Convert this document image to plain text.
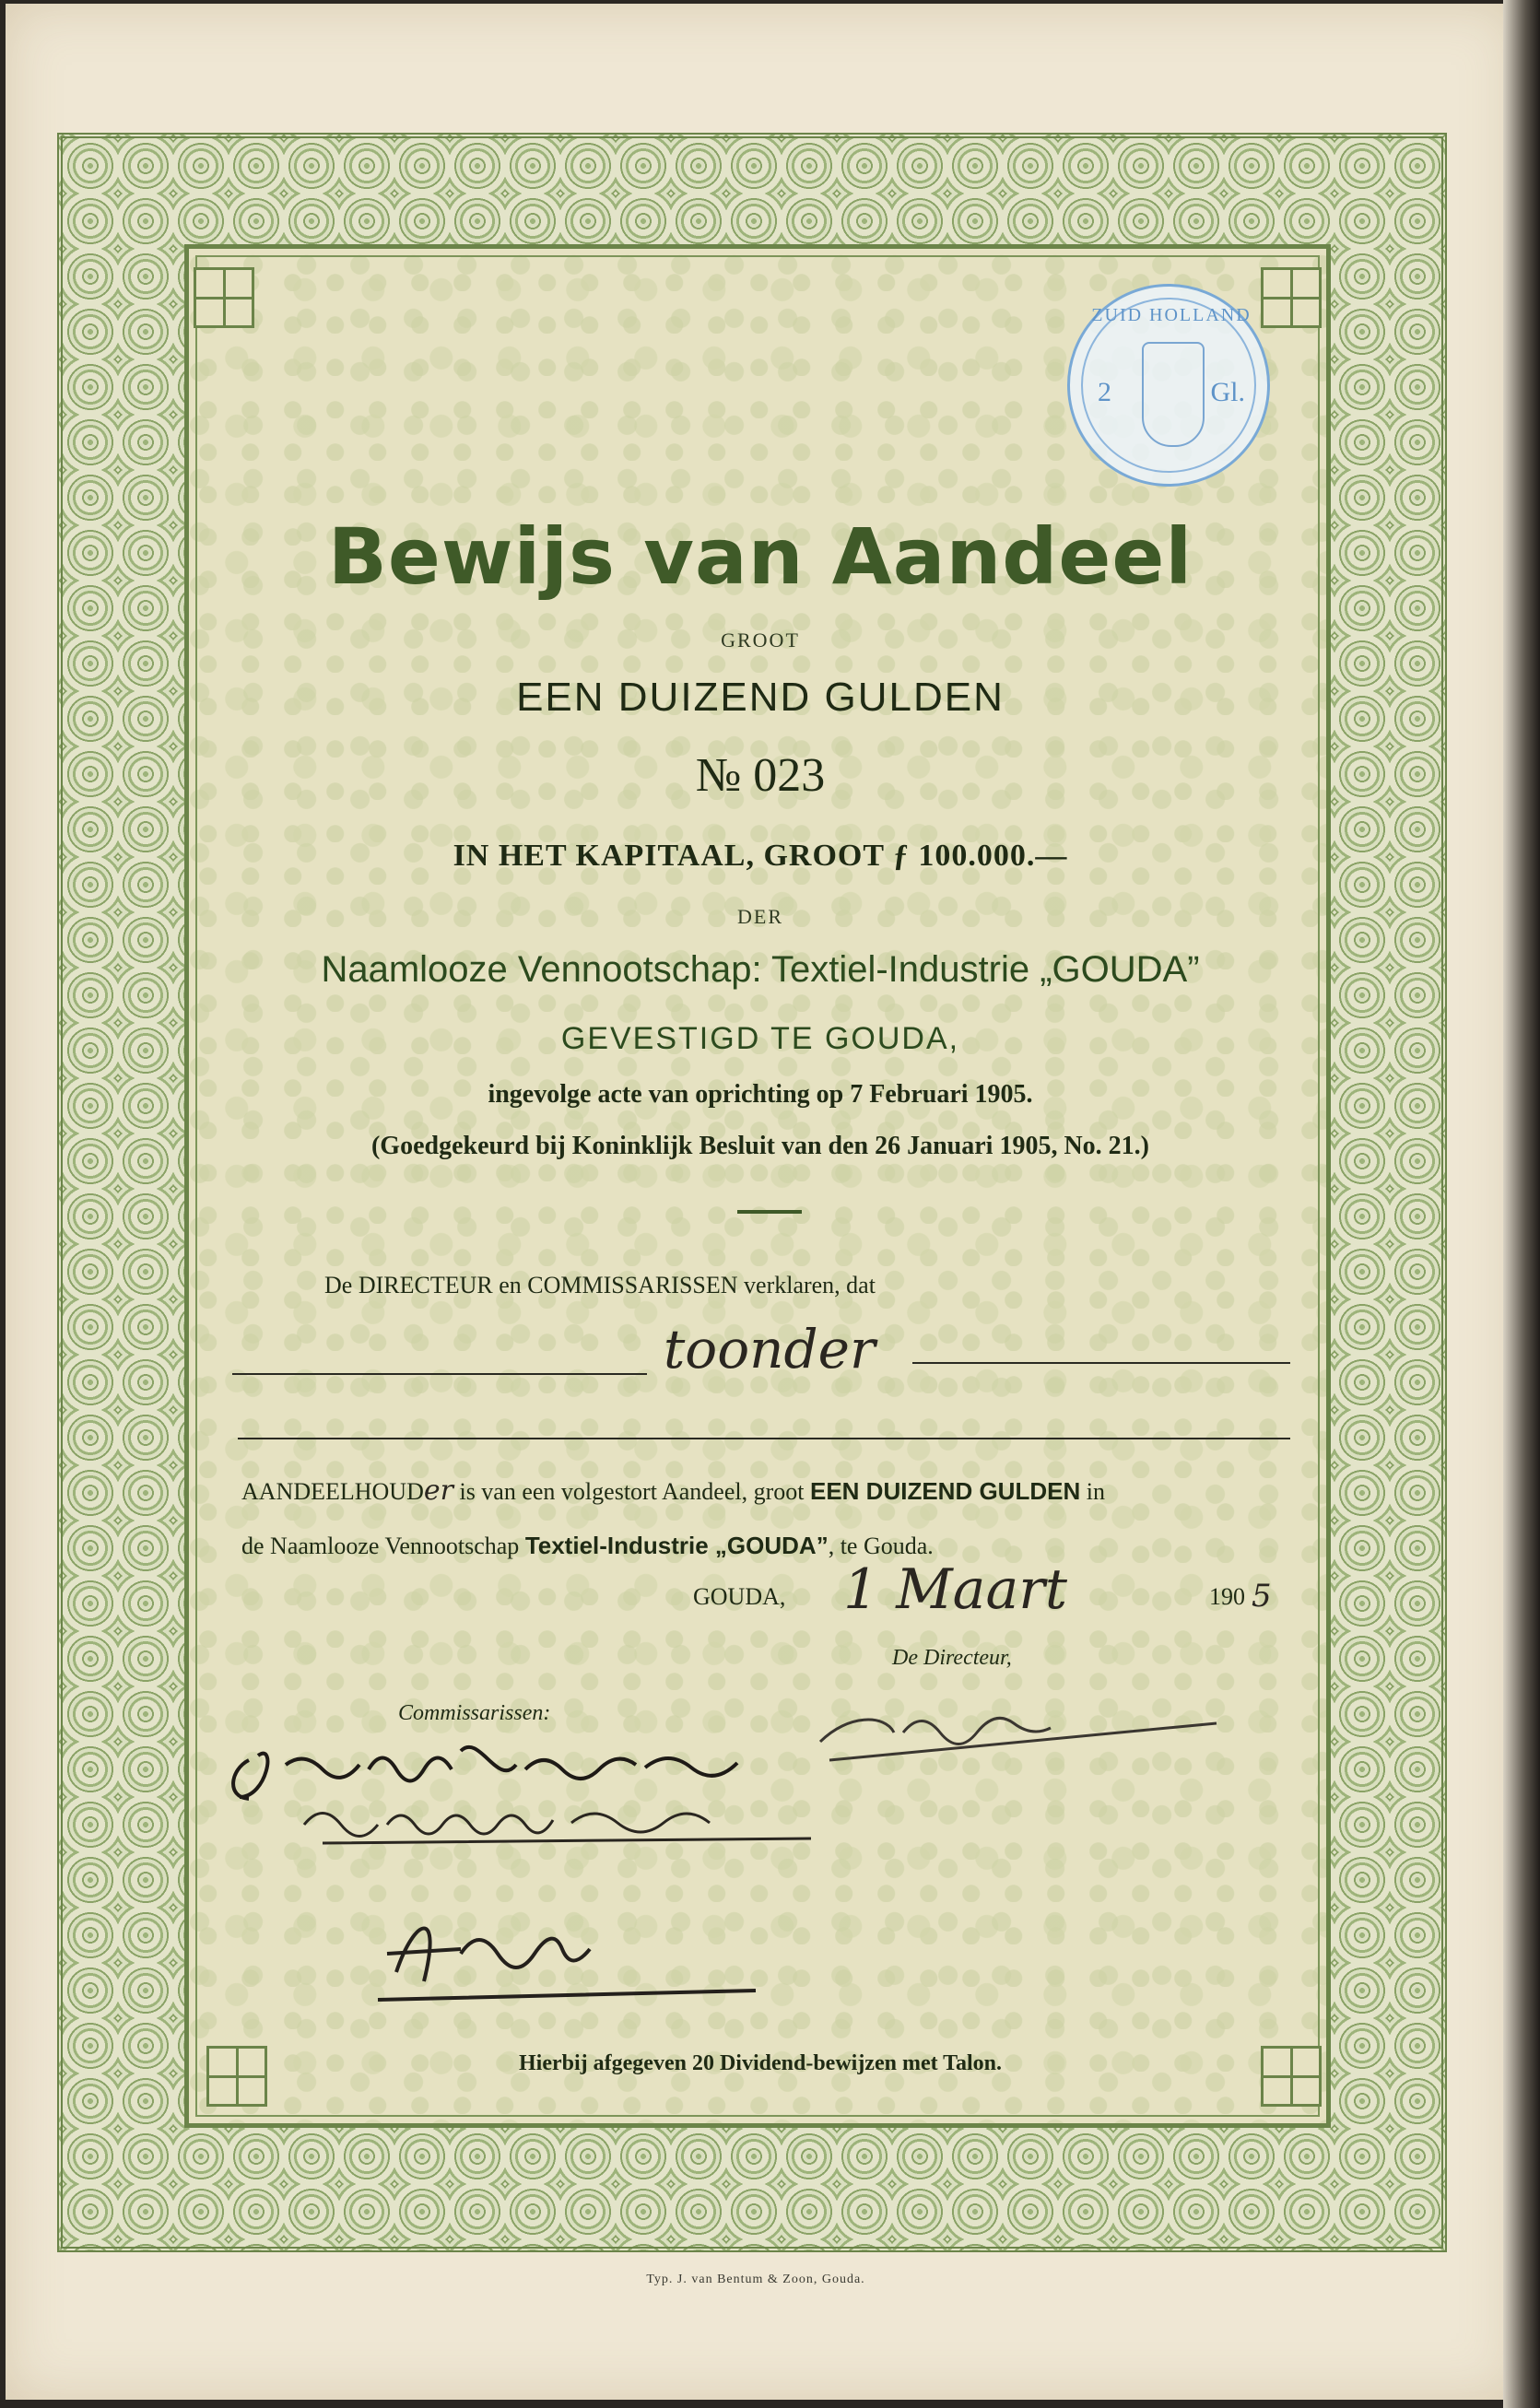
ZUID HOLLAND
2	Gl.
Bewijs van Aandeel
GROOT
EEN DUIZEND GULDEN
№ 023
IN HET KAPITAAL, GROOT ƒ 100.000.—
DER
Naamlooze Vennootschap: Textiel-Industrie „GOUDA”
GEVESTIGD TE GOUDA,
ingevolge acte van oprichting op 7 Februari 1905.
(Goedgekeurd bij Koninklijk Besluit van den 26 Januari 1905, No. 21.)
De DIRECTEUR en COMMISSARISSEN verklaren, dat
toonder
AANDEELHOUDer is van een volgestort Aandeel, groot EEN DUIZEND GULDEN in
de Naamlooze Vennootschap Textiel-Industrie „GOUDA”, te Gouda.
GOUDA, 1 Maart	190 5
De Directeur,
Commissarissen:
Hierbij afgegeven 20 Dividend-bewijzen met Talon.
Typ. J. van Bentum & Zoon, Gouda.
